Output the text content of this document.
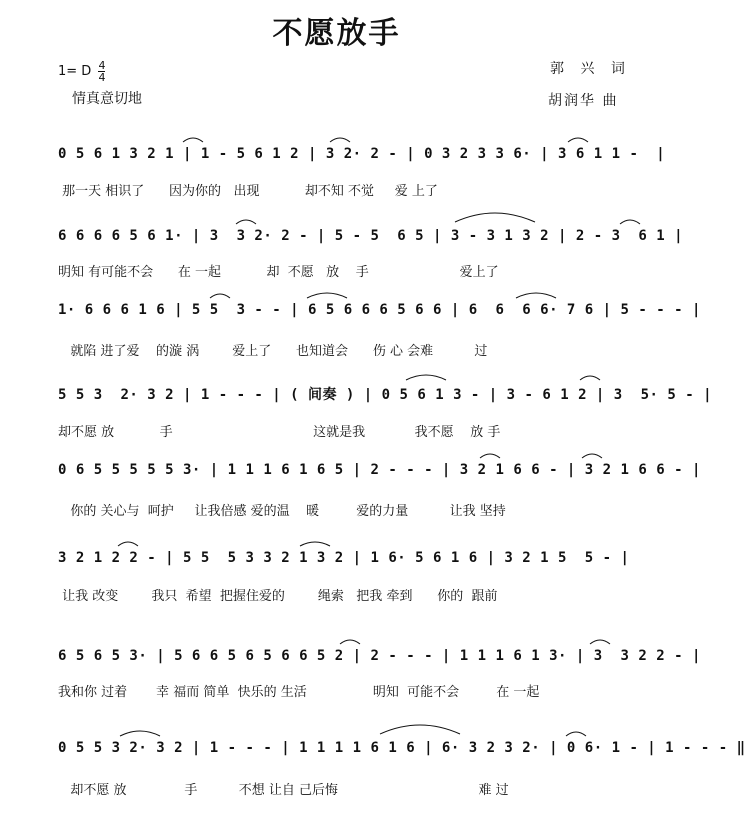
不愿放手
1= D $\frac{4}{4}$
情真意切地
郭 兴 词
胡润华 曲
0 5 6 1 3 2 1 | 1 - 5 6 1 2 | 3 2· 2 - | 0 3 2 3 3 6· | 3 6 1 1 -  |
那一天 相识了      因为你的   出现           却不知 不觉     爱 上了
6 6 6 6 5 6 1· | 3  3 2· 2 - | 5 - 5  6 5 | 3 - 3 1 3 2 | 2 - 3  6 1 |
明知 有可能不会      在 一起           却  不愿   放    手                      爱上了
1· 6 6 6 1 6 | 5 5  3 - - | 6 5 6 6 6 5 6 6 | 6  6  6 6· 7 6 | 5 - - - |
就陷 进了爱    的漩 涡        爱上了      也知道会      伤 心 会难          过
5 5 3  2· 3 2 | 1 - - - | ( 间奏 ) | 0 5 6 1 3 - | 3 - 6 1 2 | 3  5· 5 - |
却不愿 放           手                                  这就是我            我不愿    放 手
0 6 5 5 5 5 5 3· | 1 1 1 6 1 6 5 | 2 - - - | 3 2 1 6 6 - | 3 2 1 6 6 - |
你的 关心与  呵护     让我倍感 爱的温    暖         爱的力量          让我 坚持
3 2 1 2 2 - | 5 5  5 3 3 2 1 3 2 | 1 6· 5 6 1 6 | 3 2 1 5  5 - |
让我 改变        我只  希望  把握住爱的        绳索   把我 牵到      你的  跟前
6 5 6 5 3· | 5 6 6 5 6 5 6 6 5 2 | 2 - - - | 1 1 1 6 1 3· | 3  3 2 2 - |
我和你 过着       幸 福而 简单  快乐的 生活                明知  可能不会         在 一起
0 5 5 3 2· 3 2 | 1 - - - | 1 1 1 1 6 1 6 | 6· 3 2 3 2· | 0 6· 1 - | 1 - - - ‖
却不愿 放              手          不想 让自 己后悔                                  难 过
